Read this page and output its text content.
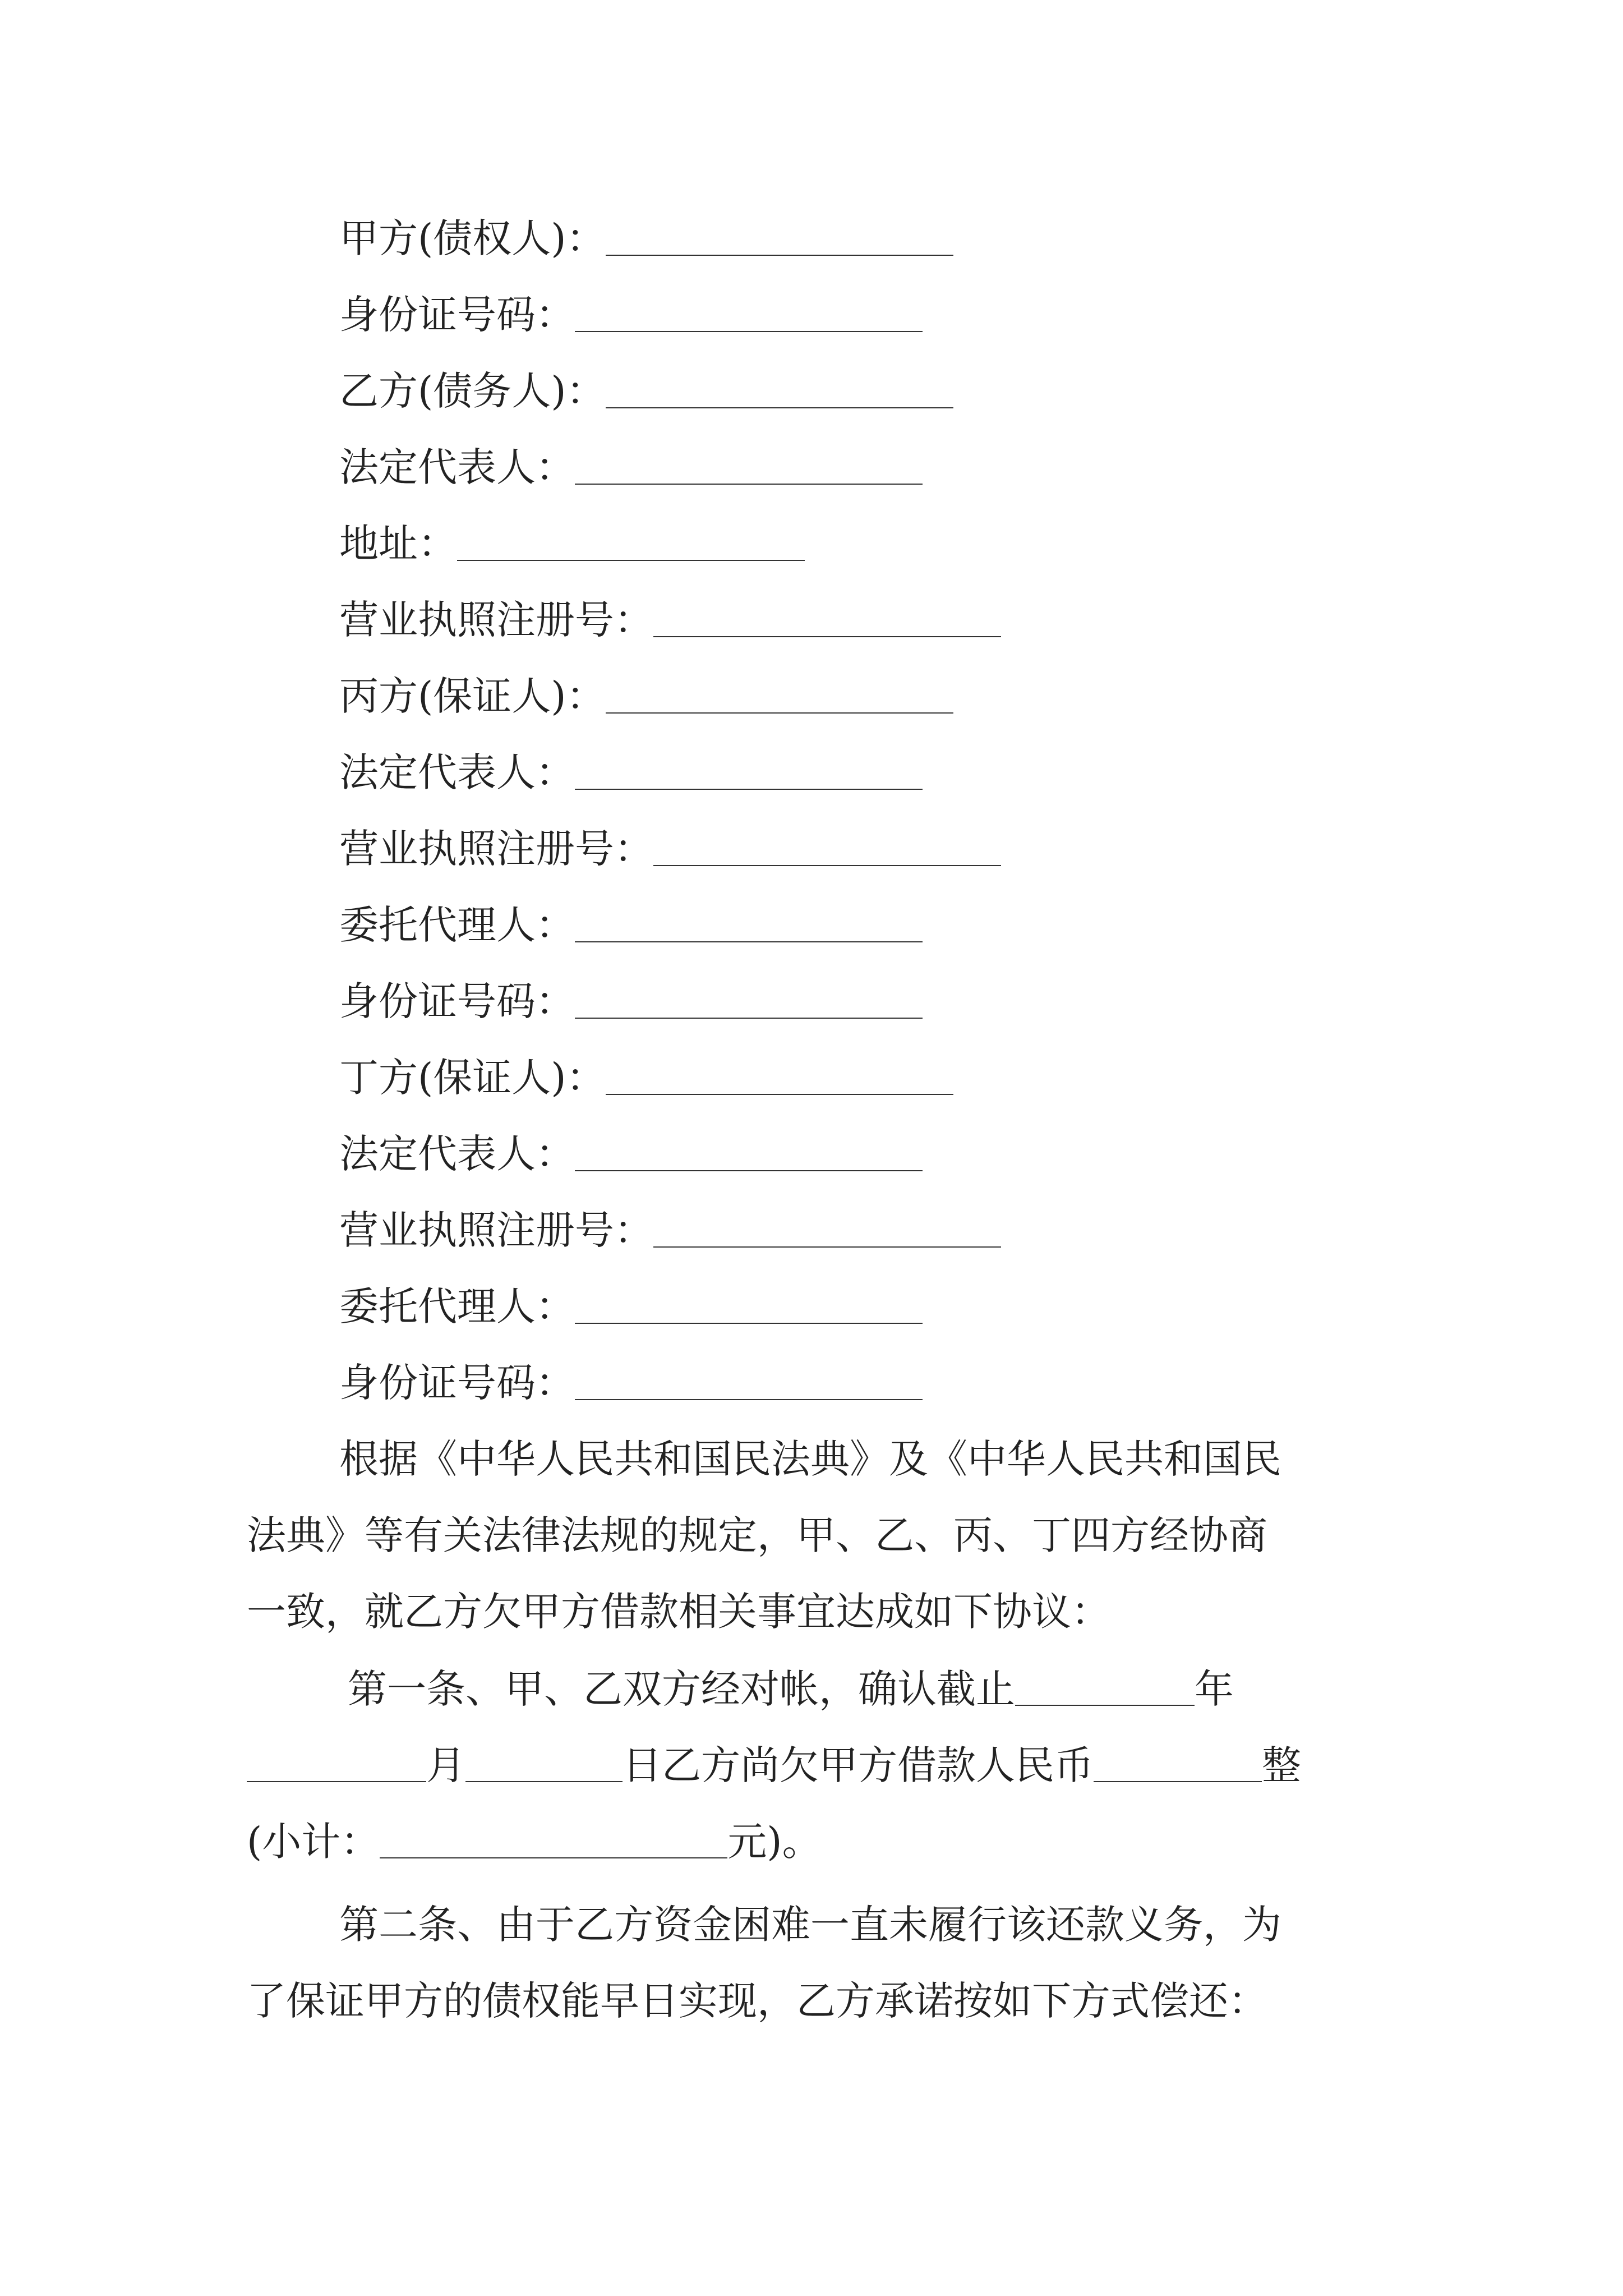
甲方(债权人)：
身份证号码：
乙方(债务人)：
法定代表人：
地址：
营业执照注册号：
丙方(保证人)：
法定代表人：
营业执照注册号：
委托代理人：
身份证号码：
丁方(保证人)：
法定代表人：
营业执照注册号：
委托代理人：
身份证号码：
根据《中华人民共和国民法典》及《中华人民共和国民
法典》等有关法律法规的规定，甲、乙、丙、丁四方经协商
一致，就乙方欠甲方借款相关事宜达成如下协议：
第一条、甲、乙双方经对帐，确认截止	年
月	日乙方尚欠甲方借款人民币	整
(小计：	元)。
第二条、由于乙方资金困难一直未履行该还款义务，为
了保证甲方的债权能早日实现，乙方承诺按如下方式偿还：
